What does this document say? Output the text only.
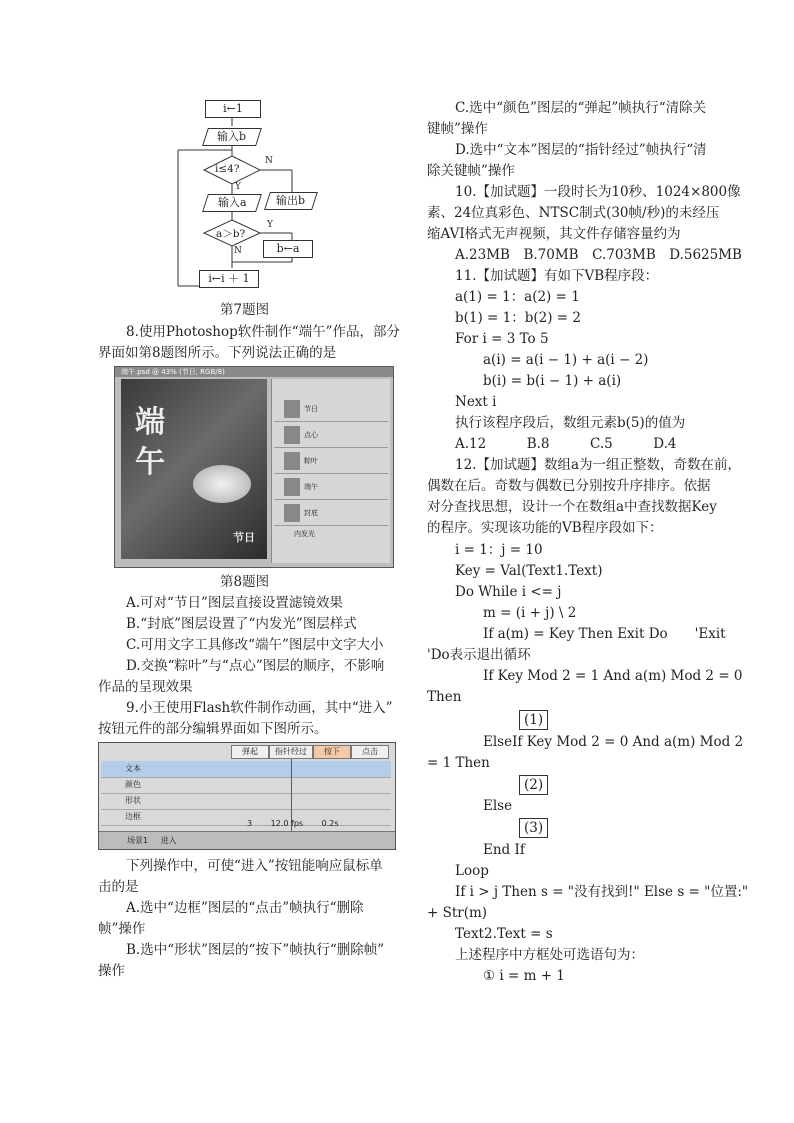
i←1
输入b
i≤4?
N
Y
输入a	输出b
a＞b?
Y
N	b←a
i←i ＋ 1

第7题图

8.使用Photoshop软件制作“端午”作品，部分

界面如第8题图所示。下列说法正确的是

第8题图

A.可对“节日”图层直接设置滤镜效果

B.“封底”图层设置了“内发光”图层样式

C.可用文字工具修改“端午”图层中文字大小

D.交换“粽叶”与“点心”图层的顺序，不影响

作品的呈现效果

9.小王使用Flash软件制作动画，其中“进入”

按钮元件的部分编辑界面如下图所示。

下列操作中，可使“进入”按钮能响应鼠标单

击的是

A.选中“边框”图层的“点击”帧执行“删除

帧”操作

B.选中“形状”图层的“按下”帧执行“删除帧”

操作

端午.psd @ 43% (节日, RGB/8)
端
午
节日
节日
点心
粽叶
端午
封底
内发光
弹起	指针经过	按下	点击
文本
颜色
形状
边框
3 12.0 fps 0.2s
场景1 进入

C.选中“颜色”图层的“弹起”帧执行“清除关

键帧”操作

D.选中“文本”图层的“指针经过”帧执行“清

除关键帧”操作

10.【加试题】一段时长为10秒、1024×800像

素、24位真彩色、NTSC制式(30帧/秒)的未经压

缩AVI格式无声视频，其文件存储容量约为

A.23MB　B.70MB　C.703MB　D.5625MB

11.【加试题】有如下VB程序段：

a(1) = 1：a(2) = 1

b(1) = 1：b(2) = 2

For i = 3 To 5

a(i) = a(i − 1) + a(i − 2)

b(i) = b(i − 1) + a(i)

Next i

执行该程序段后，数组元素b(5)的值为

A.12　　　B.8　　　C.5　　　D.4

12.【加试题】数组a为一组正整数，奇数在前，

偶数在后。奇数与偶数已分别按升序排序。依据

对分查找思想，设计一个在数组a中查找数据Key

的程序。实现该功能的VB程序段如下：

i = 1：j = 10

Key = Val(Text1.Text)

Do While i <= j

m = (i + j) \ 2

If a(m) = Key Then Exit Do　　'Exit

'Do表示退出循环

If Key Mod 2 = 1 And a(m) Mod 2 = 0

Then

(1)

ElseIf Key Mod 2 = 0 And a(m) Mod 2

= 1 Then

(2)

Else

(3)

End If

Loop

If i > j Then s = "没有找到!" Else s = "位置:"

+ Str(m)

Text2.Text = s

上述程序中方框处可选语句为：

① i = m + 1
